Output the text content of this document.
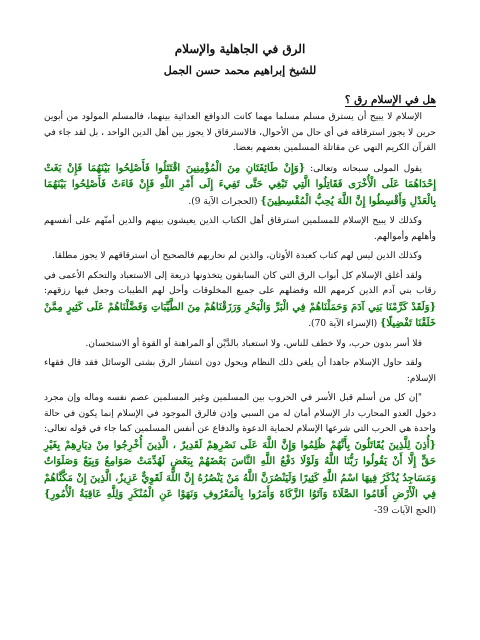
الرق في الجاهلية والإسلام
للشيخ إبراهيم محمد حسن الجمل
هل في الإسلام رق ؟

الإسلام لا يبيح أن يسترق مسلم مسلما مهما كانت الدوافع العدائية بينهما، فالمسلم المولود من أبوين حرين لا يجوز استرقاقه في أي حال من الأحوال، فالاسترقاق لا يجوز بين أهل الدين الواحد ، بل لقد جاء في القرآن الكريم النهي عن مقاتلة المسلمين بعضهم بعضا.

يقول المولى سبحانه وتعالى: {وَإِنْ طَائِفَتَانِ مِنَ الْمُؤْمِنِينَ اقْتَتَلُوا فَأَصْلِحُوا بَيْنَهُمَا فَإِنْ بَغَتْ إِحْدَاهُمَا عَلَى الْأُخْرَى فَقَاتِلُوا الَّتِي تَبْغِي حَتَّى تَفِيءَ إِلَى أَمْرِ اللَّهِ فَإِنْ فَاءَتْ فَأَصْلِحُوا بَيْنَهُمَا بِالْعَدْلِ وَأَقْسِطُوا إِنَّ اللَّهَ يُحِبُّ الْمُقْسِطِينَ} (الحجرات الآية 9).

وكذلك لا يبيح الإسلام للمسلمين استرقاق أهل الكتاب الذين يعيشون بينهم والذين أمنّهم على أنفسهم وأهلهم وأموالهم.

وكذلك الذين ليس لهم كتاب كعبدة الأوثان، والذين لم نحاربهم فالصحيح أن استرقاقهم لا يجوز مطلقا.

ولقد أغلق الإسلام كل أبواب الرق التي كان السابقون يتخذونها ذريعة إلى الاستعباد والتحكم الأعمى في رقاب بني آدم الذين كرمهم الله وفضلهم على جميع المخلوقات وأحل لهم الطيبات وجعل فيها رزقهم: {وَلَقَدْ كَرَّمْنَا بَنِي آدَمَ وَحَمَلْنَاهُمْ فِي الْبَرِّ وَالْبَحْرِ وَرَزَقْنَاهُمْ مِنَ الطَّيِّبَاتِ وَفَضَّلْنَاهُمْ عَلَى كَثِيرٍ مِمَّنْ خَلَقْنَا تَفْضِيلًا} (الإسراء الآية 70).

فلا أسر بدون حرب، ولا خطف للناس، ولا استعباد بالدَّيْن أو المراهنة أو القوة أو الاستحسان.

ولقد حاول الإسلام جاهدا أن يلغي ذلك النظام ويحول دون انتشار الرق بشتى الوسائل فقد قال فقهاء الإسلام:

"إن كل من أسلم قبل الأسر في الحروب بين المسلمين وغير المسلمين عصم نفسه وماله وإن مجرد دخول العدو المحارب دار الإسلام أمان له من السبي وإذن فالرق الموجود في الإسلام إنما يكون في حالة واحدة هي الحرب التي شرعها الإسلام لحماية الدعوة والدفاع عن أنفس المسلمين كما جاء في قوله تعالى: {أُذِنَ لِلَّذِينَ يُقَاتَلُونَ بِأَنَّهُمْ ظُلِمُوا وَإِنَّ اللَّهَ عَلَى نَصْرِهِمْ لَقَدِيرٌ ، الَّذِينَ أُخْرِجُوا مِنْ دِيَارِهِمْ بِغَيْرِ حَقٍّ إِلَّا أَنْ يَقُولُوا رَبُّنَا اللَّهُ وَلَوْلَا دَفْعُ اللَّهِ النَّاسَ بَعْضَهُمْ بِبَعْضٍ لَهُدِّمَتْ صَوَامِعُ وَبِيَعٌ وَصَلَوَاتٌ وَمَسَاجِدُ يُذْكَرُ فِيهَا اسْمُ اللَّهِ كَثِيرًا وَلَيَنْصُرَنَّ اللَّهُ مَنْ يَنْصُرُهُ إِنَّ اللَّهَ لَقَوِيٌّ عَزِيزٌ، الَّذِينَ إِنْ مَكَّنَّاهُمْ فِي الْأَرْضِ أَقَامُوا الصَّلَاةَ وَآتَوُا الزَّكَاةَ وَأَمَرُوا بِالْمَعْرُوفِ وَنَهَوْا عَنِ الْمُنْكَرِ وَلِلَّهِ عَاقِبَةُ الْأُمُورِ} (الحج الآيات 39-
